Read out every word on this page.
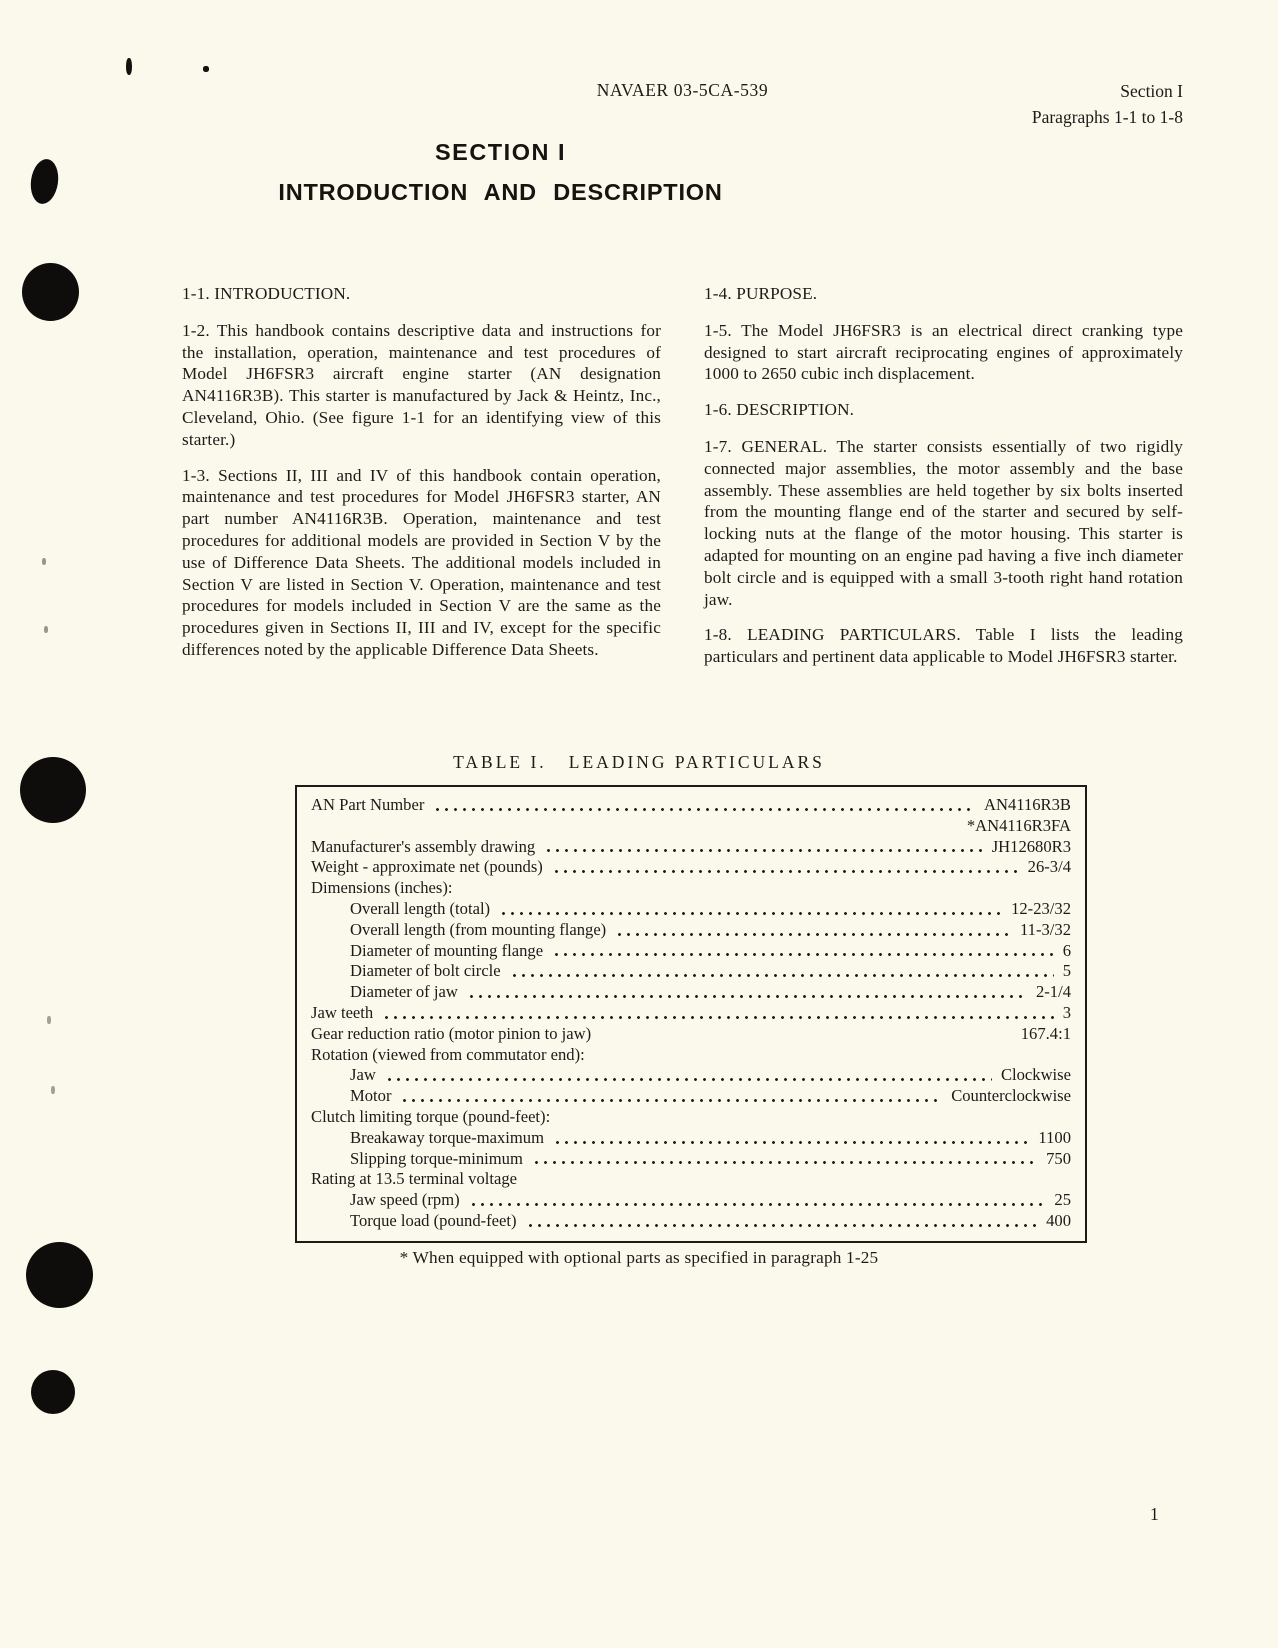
NAVAER 03-5CA-539	Section I
Paragraphs 1-1 to 1-8
SECTION I
INTRODUCTION AND DESCRIPTION

1-1. INTRODUCTION.

1-2. This handbook contains descriptive data and instructions for the installation, operation, maintenance and test procedures of Model JH6FSR3 aircraft engine starter (AN designation AN4116R3B). This starter is manufactured by Jack & Heintz, Inc., Cleveland, Ohio. (See figure 1-1 for an identifying view of this starter.)

1-3. Sections II, III and IV of this handbook contain operation, maintenance and test procedures for Model JH6FSR3 starter, AN part number AN4116R3B. Operation, maintenance and test procedures for additional models are provided in Section V by the use of Difference Data Sheets. The additional models included in Section V are listed in Section V. Operation, maintenance and test procedures for models included in Section V are the same as the procedures given in Sections II, III and IV, except for the specific differences noted by the applicable Difference Data Sheets.

1-4. PURPOSE.

1-5. The Model JH6FSR3 is an electrical direct cranking type designed to start aircraft reciprocating engines of approximately 1000 to 2650 cubic inch displacement.

1-6. DESCRIPTION.

1-7. GENERAL. The starter consists essentially of two rigidly connected major assemblies, the motor assembly and the base assembly. These assemblies are held together by six bolts inserted from the mounting flange end of the starter and secured by self-locking nuts at the flange of the motor housing. This starter is adapted for mounting on an engine pad having a five inch diameter bolt circle and is equipped with a small 3-tooth right hand rotation jaw.

1-8. LEADING PARTICULARS. Table I lists the leading particulars and pertinent data applicable to Model JH6FSR3 starter.

TABLE I.   LEADING PARTICULARS
AN Part Number	AN4116R3B
*AN4116R3FA
Manufacturer's assembly drawing	JH12680R3
Weight - approximate net (pounds)	26-3/4
Dimensions (inches):
Overall length (total)	12-23/32
Overall length (from mounting flange)	11-3/32
Diameter of mounting flange	6
Diameter of bolt circle	5
Diameter of jaw	2-1/4
Jaw teeth	3
Gear reduction ratio (motor pinion to jaw)	167.4:1
Rotation (viewed from commutator end):
Jaw	Clockwise
Motor	Counterclockwise
Clutch limiting torque (pound-feet):
Breakaway torque-maximum	1100
Slipping torque-minimum	750
Rating at 13.5 terminal voltage
Jaw speed (rpm)	25
Torque load (pound-feet)	400
* When equipped with optional parts as specified in paragraph 1-25
1
